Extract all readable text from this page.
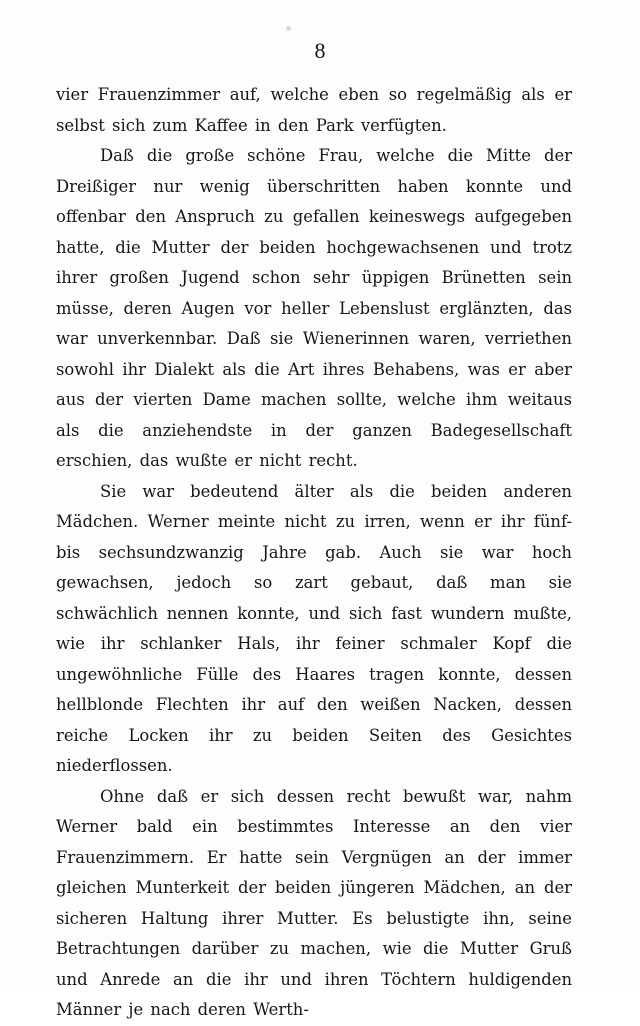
8

vier Frauenzimmer auf, welche eben so regelmäßig als er selbst sich zum Kaffee in den Park verfügten.

Daß die große schöne Frau, welche die Mitte der Dreißiger nur wenig überschritten haben konnte und offenbar den Anspruch zu gefallen keineswegs aufgegeben hatte, die Mutter der beiden hochgewachsenen und trotz ihrer großen Jugend schon sehr üppigen Brünetten sein müsse, deren Augen vor heller Lebenslust erglänzten, das war unverkennbar. Daß sie Wienerinnen waren, verriethen sowohl ihr Dialekt als die Art ihres Behabens, was er aber aus der vierten Dame machen sollte, welche ihm weitaus als die anziehendste in der ganzen Badegesellschaft erschien, das wußte er nicht recht.

Sie war bedeutend älter als die beiden anderen Mädchen. Werner meinte nicht zu irren, wenn er ihr fünf- bis sechsundzwanzig Jahre gab. Auch sie war hoch gewachsen, jedoch so zart gebaut, daß man sie schwächlich nennen konnte, und sich fast wundern mußte, wie ihr schlanker Hals, ihr feiner schmaler Kopf die ungewöhnliche Fülle des Haares tragen konnte, dessen hellblonde Flechten ihr auf den weißen Nacken, dessen reiche Locken ihr zu beiden Seiten des Gesichtes niederflossen.

Ohne daß er sich dessen recht bewußt war, nahm Werner bald ein bestimmtes Interesse an den vier Frauenzimmern. Er hatte sein Vergnügen an der immer gleichen Munterkeit der beiden jüngeren Mädchen, an der sicheren Haltung ihrer Mutter. Es belustigte ihn, seine Betrachtungen darüber zu machen, wie die Mutter Gruß und Anrede an die ihr und ihren Töchtern huldigenden Männer je nach deren Werth-
